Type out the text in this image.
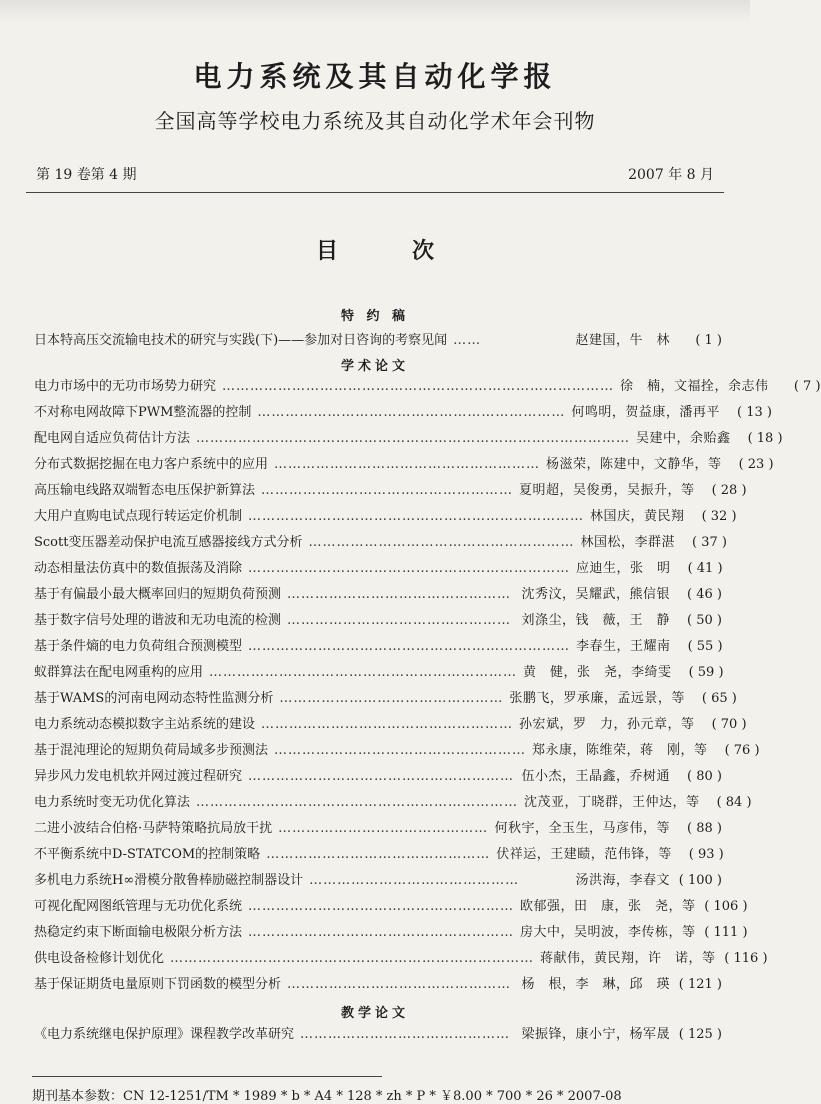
电力系统及其自动化学报
全国高等学校电力系统及其自动化学术年会刊物
第 19 卷第 4 期	2007 年 8 月
目　次
特 约 稿
日本特高压交流输电技术的研究与实践(下)——参加对日咨询的考察见闻 ……	赵建国，牛　林	( 1 )
学术论文
电力市场中的无功市场势力研究 ………………………………………………………………………… 徐　楠，文福拴，余志伟	( 7 )
不对称电网故障下PWM整流器的控制 ………………………………………………………… 何鸣明，贺益康，潘再平	( 13 )
配电网自适应负荷估计方法 ………………………………………………………………………………… 吴建中，余贻鑫	( 18 )
分布式数据挖掘在电力客户系统中的应用 ………………………………………………… 杨滋荣，陈建中，文静华，等	( 23 )
高压输电线路双端暂态电压保护新算法 ……………………………………………… 夏明超，吴俊勇，吴振升，等	( 28 )
大用户直购电试点现行转运定价机制 ……………………………………………………………… 林国庆，黄民翔	( 32 )
Scott变压器差动保护电流互感器接线方式分析 ………………………………………………… 林国松，李群湛	( 37 )
动态相量法仿真中的数值振荡及消除 …………………………………………………………… 应迪生，张　明	( 41 )
基于有偏最小最大概率回归的短期负荷预测 ………………………………………… 沈秀汶，吴耀武，熊信银	( 46 )
基于数字信号处理的谐波和无功电流的检测 ………………………………………… 刘涤尘，钱　薇，王　静	( 50 )
基于条件熵的电力负荷组合预测模型 …………………………………………………………… 李春生，王耀南	( 55 )
蚁群算法在配电网重构的应用 ………………………………………………………… 黄　健，张　尧，李绮雯	( 59 )
基于WAMS的河南电网动态特性监测分析 ………………………………………… 张鹏飞，罗承廉，孟远景，等	( 65 )
电力系统动态模拟数字主站系统的建设 ……………………………………………… 孙宏斌，罗　力，孙元章，等	( 70 )
基于混沌理论的短期负荷局域多步预测法 ……………………………………………… 郑永康，陈维荣，蒋　刚，等	( 76 )
异步风力发电机软并网过渡过程研究 ………………………………………………… 伍小杰，王晶鑫，乔树通	( 80 )
电力系统时变无功优化算法 …………………………………………………………… 沈茂亚，丁晓群，王仲达，等	( 84 )
二进小波结合伯格·马萨特策略抗局放干扰 ……………………………………… 何秋宇，全玉生，马彦伟，等	( 88 )
不平衡系统中D-STATCOM的控制策略 ………………………………………… 伏祥运，王建赜，范伟锋，等	( 93 )
多机电力系统H∞滑模分散鲁棒励磁控制器设计 ………………………………………	汤洪海，李春文 ( 100 )
可视化配网图纸管理与无功优化系统 ………………………………………………… 欧郁强，田　康，张　尧，等 ( 106 )
热稳定约束下断面输电极限分析方法 ………………………………………………… 房大中，吴明波，李传栋，等 ( 111 )
供电设备检修计划优化 …………………………………………………………………… 蒋献伟，黄民翔，许　诺，等 ( 116 )
基于保证期货电量原则下罚函数的模型分析 ………………………………………… 杨　根，李　琳，邱　瑛 ( 121 )
教学论文
《电力系统继电保护原理》课程教学改革研究 ……………………………………… 梁振锋，康小宁，杨军晟 ( 125 )
期刊基本参数：CN 12-1251/TM * 1989 * b * A4 * 128 * zh * P * ￥8.00 * 700 * 26 * 2007-08
